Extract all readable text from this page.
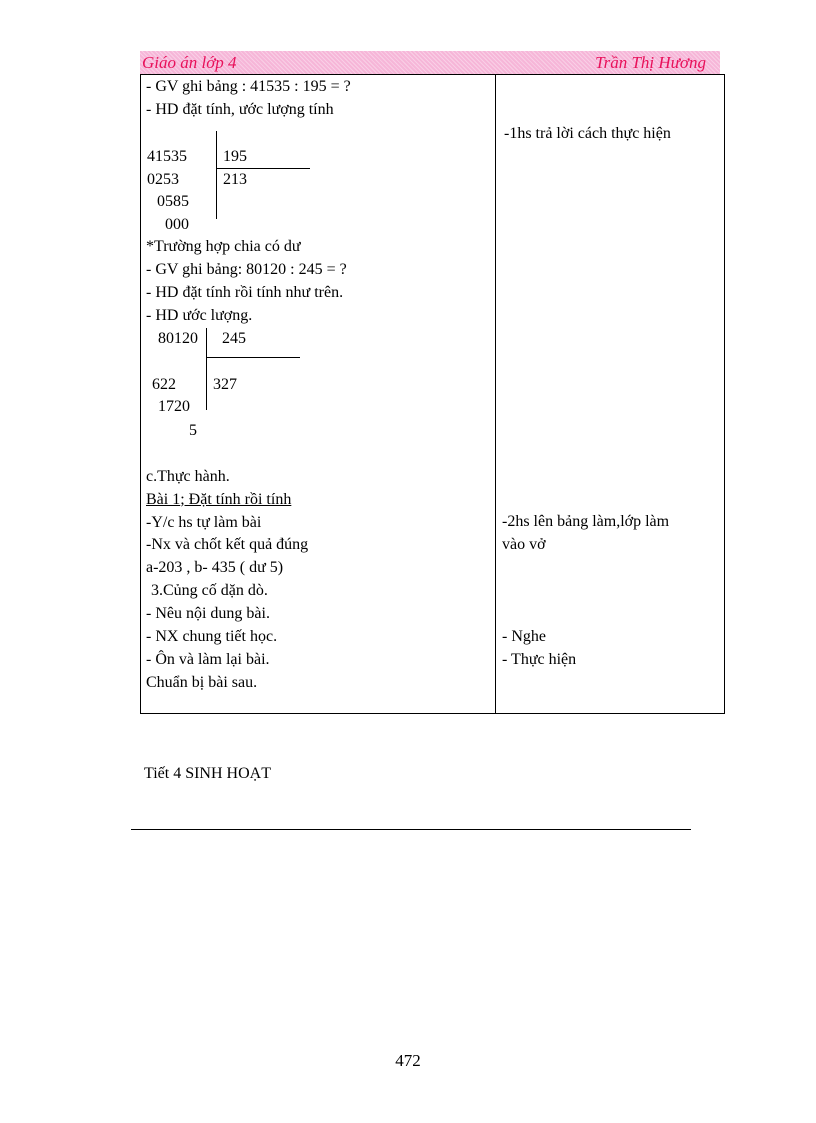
Giáo án lớp 4	Trần Thị Hương
- GV ghi bảng : 41535 : 195 = ?
- HD đặt tính, ước lượng tính
41535 195
0253	213
0585
000
*Trường hợp chia có dư
- GV ghi bảng: 80120 : 245 = ?
- HD đặt tính rồi tính như trên.
- HD ước lượng.
80120 245
622 327
1720
5
c.Thực hành.
Bài 1; Đặt tính rồi tính
-Y/c hs tự làm bài
-Nx và chốt kết quả đúng
a-203 , b- 435 ( dư 5)
3.Củng cố dặn dò.
- Nêu nội dung bài.
- NX chung tiết học.
- Ôn và làm lại bài.
Chuẩn bị bài sau.
-1hs trả lời cách thực hiện
-2hs lên bảng làm,lớp làm
vào vở
- Nghe
- Thực hiện
Tiết 4 SINH HOẠT
472
